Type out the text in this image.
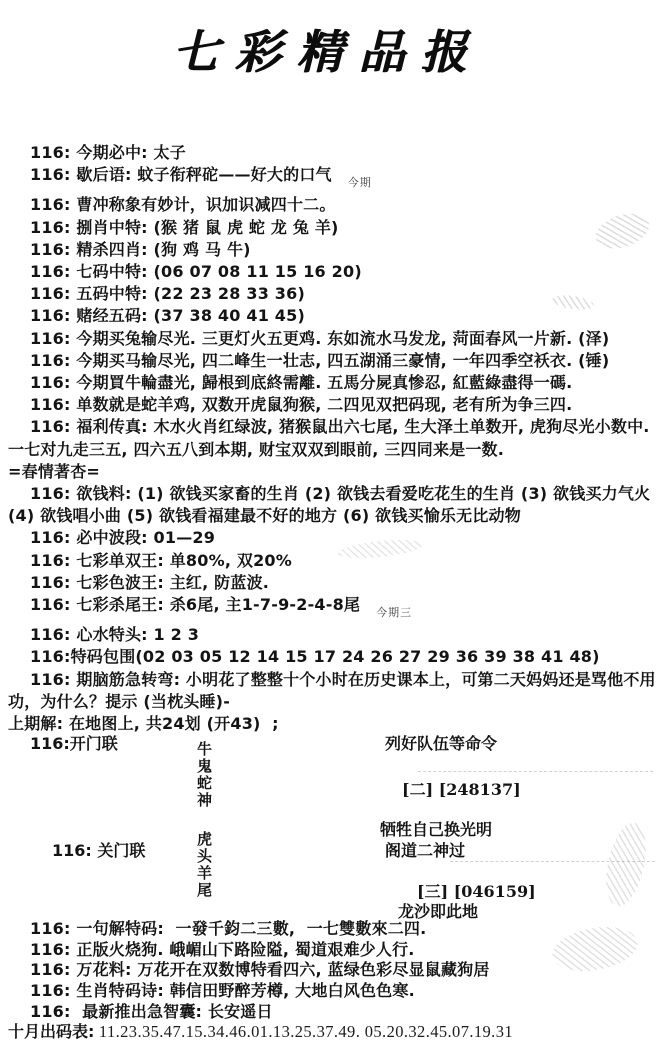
七彩精品报

116: 今期必中: 太子

116: 歇后语: 蚊子衔秤砣——好大的口气 $_{今期}$

116: 曹冲称象有妙计，识加识减四十二。

116: 捌肖中特: (猴 猪 鼠 虎 蛇 龙 兔 羊)

116: 精杀四肖: (狗 鸡 马 牛)

116: 七码中特: (06 07 08 11 15 16 20)

116: 五码中特: (22 23 28 33 36)

116: 赌经五码: (37 38 40 41 45)

116: 今期买兔输尽光. 三更灯火五更鸡. 东如流水马发龙, 菏面春风一片新. (泽)

116: 今期买马输尽光, 四二峰生一壮志, 四五湖涌三豪情, 一年四季空袄衣. (锤)

116: 今期買牛輪盡光, 歸根到底終需離. 五馬分屍真惨忍, 紅藍綠盡得一碼.

116: 单数就是蛇羊鸡, 双数开虎鼠狗猴, 二四见双把码现, 老有所为争三四.

116: 福利传真: 木水火肖红绿波, 猪猴鼠出六七尾, 生大泽土单数开, 虎狗尽光小数中.

一七对九走三五, 四六五八到本期, 财宝双双到眼前, 三四同来是一数.

=春情著杏=

116: 欲钱料: (1) 欲钱买家畜的生肖 (2) 欲钱去看爱吃花生的生肖 (3) 欲钱买力气火

(4) 欲钱唱小曲 (5) 欲钱看福建最不好的地方 (6) 欲钱买愉乐无比动物

116: 必中波段: 01—29

116: 七彩单双王: 单80%, 双20%

116: 七彩色波王: 主红, 防蓝波.

116: 七彩杀尾王: 杀6尾, 主1-7-9-2-4-8尾 $_{今期三}$

116: 心水特头: 1 2 3

116:特码包围(02 03 05 12 14 15 17 24 26 27 29 36 39 38 41 48)

116: 期脑筋急转弯: 小明花了整整十个小时在历史课本上，可第二天妈妈还是骂他不用

功，为什么？提示 (当枕头睡)-

上期解: 在地图上, 共24划 (开43)  ;

116:开门联	牛鬼蛇神
列好队伍等命令
[二] [248137]
牺牲自己换光明
116: 关门联
虎头羊尾
阁道二神过
[三] [046159]
龙沙即此地

116: 一句解特码:  一發千鈞二三數,  一七雙數來二四.

116: 正版火烧狗. 峨嵋山下路险隘, 蜀道艰难少人行.

116: 万花料: 万花开在双数博特看四六, 蓝绿色彩尽显鼠藏狗居

116: 生肖特码诗: 韩信田野醉芳樽, 大地白风色色寒.

116:  最新推出急智囊: 长安遥日

十月出码表: 11.23.35.47.15.34.46.01.13.25.37.49. 05.20.32.45.07.19.31
